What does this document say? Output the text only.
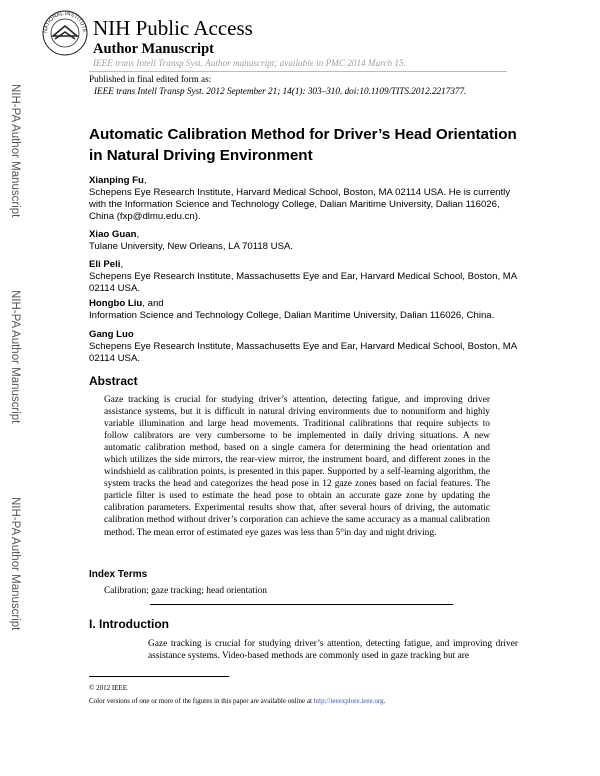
NATIONAL INSTITUTE NIH Public Access
Author Manuscript
IEEE trans Intell Transp Syst. Author manuscript; available in PMC 2014 March 15.
Published in final edited form as:
IEEE trans Intell Transp Syst. 2012 September 21; 14(1): 303–310. doi:10.1109/TITS.2012.2217377.
NIH-PA Author Manuscript
NIH-PA Author Manuscript
NIH-PA Author Manuscript
Automatic Calibration Method for Driver’s Head Orientation in Natural Driving Environment
Xianping Fu,
Schepens Eye Research Institute, Harvard Medical School, Boston, MA 02114 USA. He is currently with the Information Science and Technology College, Dalian Maritime University, Dalian 116026, China (fxp@dlmu.edu.cn).
Xiao Guan,
Tulane University, New Orleans, LA 70118 USA.
Eli Peli,
Schepens Eye Research Institute, Massachusetts Eye and Ear, Harvard Medical School, Boston, MA 02114 USA.
Hongbo Liu, and
Information Science and Technology College, Dalian Maritime University, Dalian 116026, China.
Gang Luo
Schepens Eye Research Institute, Massachusetts Eye and Ear, Harvard Medical School, Boston, MA 02114 USA.
Abstract
Gaze tracking is crucial for studying driver’s attention, detecting fatigue, and improving driver assistance systems, but it is difficult in natural driving environments due to nonuniform and highly variable illumination and large head movements. Traditional calibrations that require subjects to follow calibrators are very cumbersome to be implemented in daily driving situations. A new automatic calibration method, based on a single camera for determining the head orientation and which utilizes the side mirrors, the rear-view mirror, the instrument board, and different zones in the windshield as calibration points, is presented in this paper. Supported by a self-learning algorithm, the system tracks the head and categorizes the head pose in 12 gaze zones based on facial features. The particle filter is used to estimate the head pose to obtain an accurate gaze zone by updating the calibration parameters. Experimental results show that, after several hours of driving, the automatic calibration method without driver’s corporation can achieve the same accuracy as a manual calibration method. The mean error of estimated eye gazes was less than 5°in day and night driving.
Index Terms
Calibration; gaze tracking; head orientation
I. Introduction
Gaze tracking is crucial for studying driver’s attention, detecting fatigue, and improving driver assistance systems. Video-based methods are commonly used in gaze tracking but are
© 2012 IEEE
Color versions of one or more of the figures in this paper are available online at http://ieeexplore.ieee.org.
